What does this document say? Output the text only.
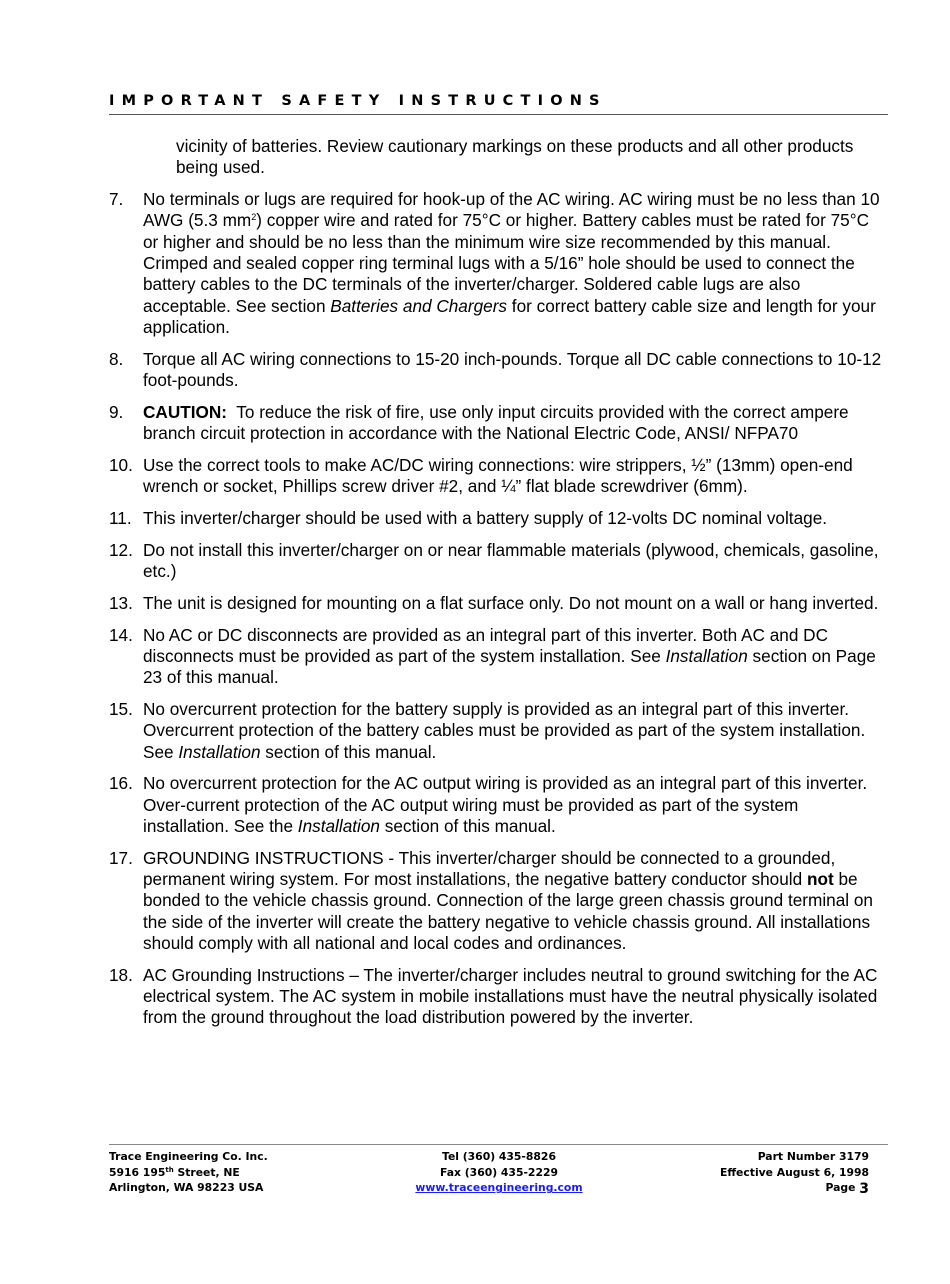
IMPORTANT SAFETY INSTRUCTIONS
vicinity of batteries. Review cautionary markings on these products and all other products being used.
7.	No terminals or lugs are required for hook-up of the AC wiring. AC wiring must be no less than 10 AWG (5.3 $mm^2$) copper wire and rated for 75°C or higher. Battery cables must be rated for 75°C or higher and should be no less than the minimum wire size recommended by this manual. Crimped and sealed copper ring terminal lugs with a 5/16” hole should be used to connect the battery cables to the DC terminals of the inverter/charger. Soldered cable lugs are also acceptable. See section Batteries and Chargers for correct battery cable size and length for your application.
8.	Torque all AC wiring connections to 15-20 inch-pounds. Torque all DC cable connections to 10-12 foot-pounds.
9.	CAUTION:  To reduce the risk of fire, use only input circuits provided with the correct ampere branch circuit protection in accordance with the National Electric Code, ANSI/ NFPA70
10. Use the correct tools to make AC/DC wiring connections: wire strippers, ½” (13mm) open-end wrench or socket, Phillips screw driver #2, and ¼” flat blade screwdriver (6mm).
11. This inverter/charger should be used with a battery supply of 12-volts DC nominal voltage.
12. Do not install this inverter/charger on or near flammable materials (plywood, chemicals, gasoline, etc.)
13. The unit is designed for mounting on a flat surface only. Do not mount on a wall or hang inverted.
14. No AC or DC disconnects are provided as an integral part of this inverter. Both AC and DC disconnects must be provided as part of the system installation. See Installation section on Page 23 of this manual.
15. No overcurrent protection for the battery supply is provided as an integral part of this inverter. Overcurrent protection of the battery cables must be provided as part of the system installation. See Installation section of this manual.
16. No overcurrent protection for the AC output wiring is provided as an integral part of this inverter. Over-current protection of the AC output wiring must be provided as part of the system installation. See the Installation section of this manual.
17. GROUNDING INSTRUCTIONS - This inverter/charger should be connected to a grounded, permanent wiring system. For most installations, the negative battery conductor should not be bonded to the vehicle chassis ground. Connection of the large green chassis ground terminal on the side of the inverter will create the battery negative to vehicle chassis ground. All installations should comply with all national and local codes and ordinances.
18. AC Grounding Instructions – The inverter/charger includes neutral to ground switching for the AC electrical system. The AC system in mobile installations must have the neutral physically isolated from the ground throughout the load distribution powered by the inverter.
Trace Engineering Co. Inc.
5916 195th Street, NE
Arlington, WA 98223 USA
Tel (360) 435-8826
Fax (360) 435-2229
www.traceengineering.com
Part Number 3179
Effective August 6, 1998
Page 3
